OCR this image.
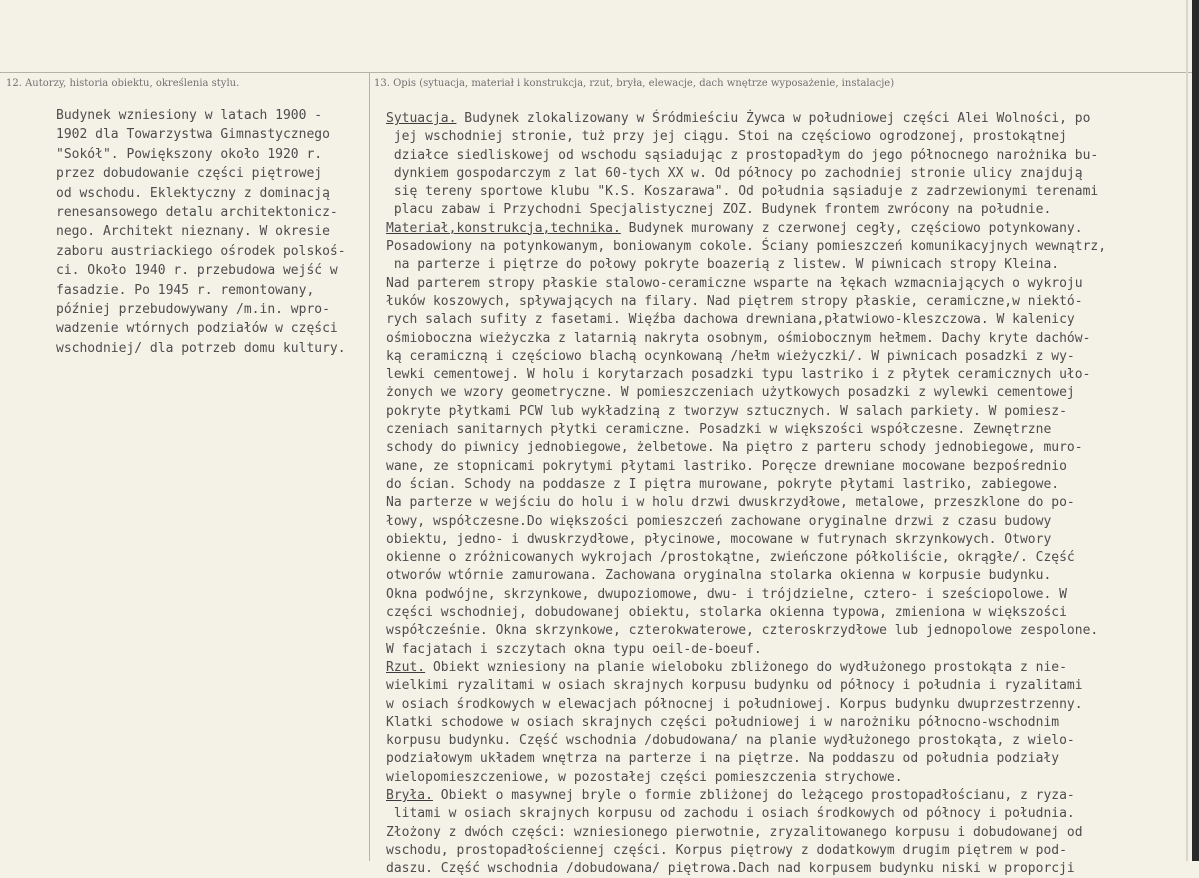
12. Autorzy, historia obiektu, określenia stylu.	13. Opis (sytuacja, materiał i konstrukcja, rzut, bryła, elewacje, dach wnętrze wyposażenie, instalacje)
Budynek wzniesiony w latach 1900 -
1902 dla Towarzystwa Gimnastycznego
"Sokół". Powiększony około 1920 r.
przez dobudowanie części piętrowej
od wschodu. Eklektyczny z dominacją
renesansowego detalu architektonicz-
nego. Architekt nieznany. W okresie
zaboru austriackiego ośrodek polskoś-
ci. Około 1940 r. przebudowa wejść w
fasadzie. Po 1945 r. remontowany,
później przebudowywany /m.in. wpro-
wadzenie wtórnych podziałów w części
wschodniej/ dla potrzeb domu kultury.
Sytuacja. Budynek zlokalizowany w Śródmieściu Żywca w południowej części Alei Wolności, po
jej wschodniej stronie, tuż przy jej ciągu. Stoi na częściowo ogrodzonej, prostokątnej
działce siedliskowej od wschodu sąsiadując z prostopadłym do jego północnego narożnika bu-
dynkiem gospodarczym z lat 60-tych XX w. Od północy po zachodniej stronie ulicy znajdują
się tereny sportowe klubu "K.S. Koszarawa". Od południa sąsiaduje z zadrzewionymi terenami
placu zabaw i Przychodni Specjalistycznej ZOZ. Budynek frontem zwrócony na południe.
Materiał,konstrukcja,technika. Budynek murowany z czerwonej cegły, częściowo potynkowany.
Posadowiony na potynkowanym, boniowanym cokole. Ściany pomieszczeń komunikacyjnych wewnątrz,
na parterze i piętrze do połowy pokryte boazerią z listew. W piwnicach stropy Kleina.
Nad parterem stropy płaskie stalowo-ceramiczne wsparte na łękach wzmacniających o wykroju
łuków koszowych, spływających na filary. Nad piętrem stropy płaskie, ceramiczne,w niektó-
rych salach sufity z fasetami. Więźba dachowa drewniana,płatwiowo-kleszczowa. W kalenicy
ośmioboczna wieżyczka z latarnią nakryta osobnym, ośmiobocznym hełmem. Dachy kryte dachów-
ką ceramiczną i częściowo blachą ocynkowaną /hełm wieżyczki/. W piwnicach posadzki z wy-
lewki cementowej. W holu i korytarzach posadzki typu lastriko i z płytek ceramicznych uło-
żonych we wzory geometryczne. W pomieszczeniach użytkowych posadzki z wylewki cementowej
pokryte płytkami PCW lub wykładziną z tworzyw sztucznych. W salach parkiety. W pomiesz-
czeniach sanitarnych płytki ceramiczne. Posadzki w większości współczesne. Zewnętrzne
schody do piwnicy jednobiegowe, żelbetowe. Na piętro z parteru schody jednobiegowe, muro-
wane, ze stopnicami pokrytymi płytami lastriko. Poręcze drewniane mocowane bezpośrednio
do ścian. Schody na poddasze z I piętra murowane, pokryte płytami lastriko, zabiegowe.
Na parterze w wejściu do holu i w holu drzwi dwuskrzydłowe, metalowe, przeszklone do po-
łowy, współczesne.Do większości pomieszczeń zachowane oryginalne drzwi z czasu budowy
obiektu, jedno- i dwuskrzydłowe, płycinowe, mocowane w futrynach skrzynkowych. Otwory
okienne o zróżnicowanych wykrojach /prostokątne, zwieńczone półkoliście, okrągłe/. Część
otworów wtórnie zamurowana. Zachowana oryginalna stolarka okienna w korpusie budynku.
Okna podwójne, skrzynkowe, dwupoziomowe, dwu- i trójdzielne, cztero- i sześciopolowe. W
części wschodniej, dobudowanej obiektu, stolarka okienna typowa, zmieniona w większości
współcześnie. Okna skrzynkowe, czterokwaterowe, czteroskrzydłowe lub jednopolowe zespolone.
W facjatach i szczytach okna typu oeil-de-boeuf.
Rzut. Obiekt wzniesiony na planie wieloboku zbliżonego do wydłużonego prostokąta z nie-
wielkimi ryzalitami w osiach skrajnych korpusu budynku od północy i południa i ryzalitami
w osiach środkowych w elewacjach północnej i południowej. Korpus budynku dwuprzestrzenny.
Klatki schodowe w osiach skrajnych części południowej i w narożniku północno-wschodnim
korpusu budynku. Część wschodnia /dobudowana/ na planie wydłużonego prostokąta, z wielo-
podziałowym układem wnętrza na parterze i na piętrze. Na poddaszu od południa podziały
wielopomieszczeniowe, w pozostałej części pomieszczenia strychowe.
Bryła. Obiekt o masywnej bryle o formie zbliżonej do leżącego prostopadłościanu, z ryza-
litami w osiach skrajnych korpusu od zachodu i osiach środkowych od północy i południa.
Złożony z dwóch części: wzniesionego pierwotnie, zryzalitowanego korpusu i dobudowanej od
wschodu, prostopadłościennej części. Korpus piętrowy z dodatkowym drugim piętrem w pod-
daszu. Część wschodnia /dobudowana/ piętrowa.Dach nad korpusem budynku niski w proporcji
